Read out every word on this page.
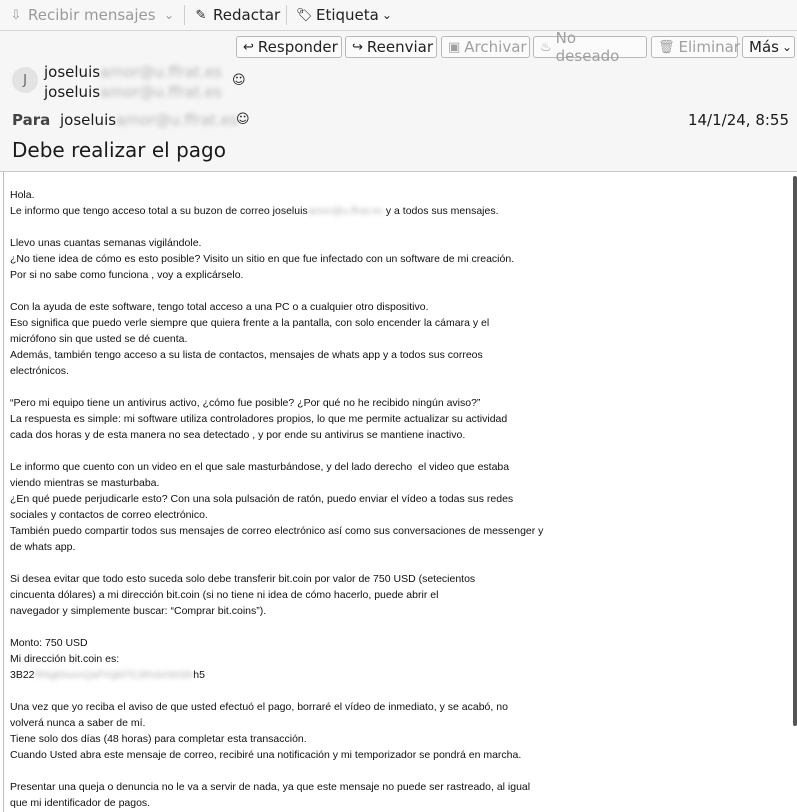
⇩ Recibir mensajes ⌄ ✎ Redactar 🏷 Etiqueta ⌄
↩ Responder ↪ Reenviar ▣ Archivar ♨ No deseado	🗑 Eliminar Más ⌄
J	joseluisamor@u.ffrat.es ☺
joseluisamor@u.ffrat.es
Para joseluisamor@u.ffrat.es
☺	14/1/24, 8:55
Debe realizar el pago
Hola.
Le informo que tengo acceso total a su buzon de correo joseluisamor@u.ffrat.es y a todos sus mensajes.
Llevo unas cuantas semanas vigilándole.
¿No tiene idea de cómo es esto posible? Visito un sitio en que fue infectado con un software de mi creación.
Por si no sabe como funciona , voy a explicárselo.
Con la ayuda de este software, tengo total acceso a una PC o a cualquier otro dispositivo.
Eso significa que puedo verle siempre que quiera frente a la pantalla, con solo encender la cámara y el
micrófono sin que usted se dé cuenta.
Además, también tengo acceso a su lista de contactos, mensajes de whats app y a todos sus correos
electrónicos.
“Pero mi equipo tiene un antivirus activo, ¿cómo fue posible? ¿Por qué no he recibido ningún aviso?”
La respuesta es simple: mi software utiliza controladores propios, lo que me permite actualizar su actividad
cada dos horas y de esta manera no sea detectado , y por ende su antivirus se mantiene inactivo.
Le informo que cuento con un video en el que sale masturbándose, y del lado derecho  el video que estaba
viendo mientras se masturbaba.
¿En qué puede perjudicarle esto? Con una sola pulsación de ratón, puedo enviar el vídeo a todas sus redes
sociales y contactos de correo electrónico.
También puedo compartir todos sus mensajes de correo electrónico así como sus conversaciones de messenger y
de whats app.
Si desea evitar que todo esto suceda solo debe transferir bit.coin por valor de 750 USD (setecientos
cincuenta dólares) a mi dirección bit.coin (si no tiene ni idea de cómo hacerlo, puede abrir el
navegador y simplemente buscar: “Comprar bit.coins”).
Monto: 750 USD
Mi dirección bit.coin es:
3B22RNgkhsxnQaPVgkFf13RnbrhbSthh5
Una vez que yo reciba el aviso de que usted efectuó el pago, borraré el vídeo de inmediato, y se acabó, no
volverá nunca a saber de mí.
Tiene solo dos días (48 horas) para completar esta transacción.
Cuando Usted abra este mensaje de correo, recibiré una notificación y mi temporizador se pondrá en marcha.
Presentar una queja o denuncia no le va a servir de nada, ya que este mensaje no puede ser rastreado, al igual
que mi identificador de pagos.
